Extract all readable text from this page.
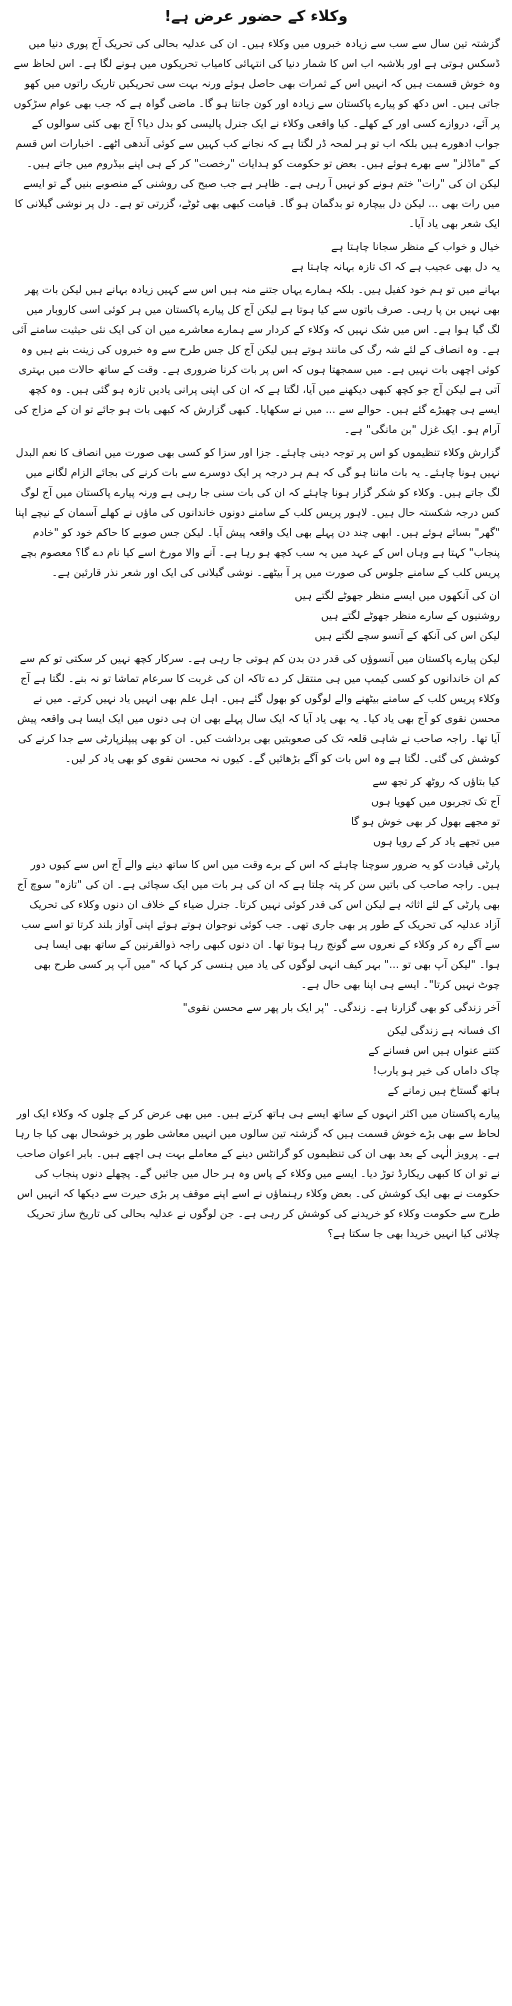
وکلاء کے حضور عرض ہے!

گزشتہ تین سال سے سب سے زیادہ خبروں میں وکلاء ہیں۔ ان کی عدلیہ بحالی کی تحریک آج پوری دنیا میں ڈسکس ہوتی ہے اور بلاشبہ اب اس کا شمار دنیا کی انتہائی کامیاب تحریکوں میں ہونے لگا ہے۔ اس لحاظ سے وہ خوش قسمت ہیں کہ انہیں اس کے ثمرات بھی حاصل ہوئے ورنہ بہت سی تحریکیں تاریک راتوں میں کھو جاتی ہیں۔ اس دکھ کو پیارے پاکستان سے زیادہ اور کون جانتا ہو گا۔ ماضی گواہ ہے کہ جب بھی عوام سڑکوں پر آئے، دروازے کسی اور کے کھلے۔ کیا واقعی وکلاء نے ایک جنرل پالیسی کو بدل دیا؟ آج بھی کئی سوالوں کے جواب ادھورے ہیں بلکہ اب تو ہر لمحہ ڈر لگتا ہے کہ نجانے کب کہیں سے کوئی آندھی اٹھے۔ اخبارات اس قسم کے "ماڈلز" سے بھرے ہوئے ہیں۔ بعض تو حکومت کو ہدایات "رخصت" کر کے ہی اپنے بیڈروم میں جاتے ہیں۔ لیکن ان کی "رات" ختم ہونے کو نہیں آ رہی ہے۔ ظاہر ہے جب صبح کی روشنی کے منصوبے بنیں گے تو ایسے میں رات بھی ... لیکن دل بیچارہ تو بدگمان ہو گا۔ قیامت کبھی بھی ٹوٹے، گزرتی تو ہے۔ دل پر نوشی گیلانی کا ایک شعر بھی یاد آیا۔

خیال و خواب کے منظر سجانا چاہتا ہے
یہ دل بھی عجیب ہے کہ اک تازہ بہانہ چاہتا ہے

بہانے میں تو ہم خود کفیل ہیں۔ بلکہ ہمارے یہاں جتنے منہ ہیں اس سے کہیں زیادہ بہانے ہیں لیکن بات پھر بھی نہیں بن پا رہی۔ صرف باتوں سے کیا ہوتا ہے لیکن آج کل پیارے پاکستان میں ہر کوئی اسی کاروبار میں لگ گیا ہوا ہے۔ اس میں شک نہیں کہ وکلاء کے کردار سے ہمارے معاشرے میں ان کی ایک نئی حیثیت سامنے آئی ہے۔ وہ انصاف کے لئے شہ رگ کی مانند ہوتے ہیں لیکن آج کل جس طرح سے وہ خبروں کی زینت بنے ہیں وہ کوئی اچھی بات نہیں ہے۔ میں سمجھتا ہوں کہ اس پر بات کرنا ضروری ہے۔ وقت کے ساتھ حالات میں بہتری آتی ہے لیکن آج جو کچھ کبھی دیکھنے میں آیا، لگتا ہے کہ ان کی اپنی پرانی یادیں تازہ ہو گئی ہیں۔ وہ کچھ ایسے ہی چھیڑے گئے ہیں۔ حوالے سے ... میں نے سکھایا۔ کبھی گزارش کہ کبھی بات ہو جائے تو ان کے مزاج کی آرام ہو۔ ایک غزل "بن مانگی" ہے۔

گزارش وکلاء تنظیموں کو اس پر توجہ دینی چاہئے۔ جزا اور سزا کو کسی بھی صورت میں انصاف کا نعم البدل نہیں ہونا چاہئے۔ یہ بات ماننا ہو گی کہ ہم ہر درجہ پر ایک دوسرے سے بات کرنے کی بجائے الزام لگانے میں لگ جاتے ہیں۔ وکلاء کو شکر گزار ہونا چاہئے کہ ان کی بات سنی جا رہی ہے ورنہ پیارے پاکستان میں آج لوگ کس درجہ شکستہ حال ہیں۔ لاہور پریس کلب کے سامنے دونوں خاندانوں کی ماؤں نے کھلے آسمان کے نیچے اپنا "گھر" بسائے ہوئے ہیں۔ ابھی چند دن پہلے بھی ایک واقعہ پیش آیا۔ لیکن جس صوبے کا حاکم خود کو "خادم پنجاب" کہتا ہے وہاں اس کے عہد میں یہ سب کچھ ہو رہا ہے۔ آنے والا مورخ اسے کیا نام دے گا؟ معصوم بچے پریس کلب کے سامنے جلوس کی صورت میں پر آ بیٹھے۔ نوشی گیلانی کی ایک اور شعر نذر قارئین ہے۔

ان کی آنکھوں میں ایسے منظر جھوٹے لگتے ہیں
روشنیوں کے سارے منظر جھوٹے لگتے ہیں
لیکن اس کی آنکھ کے آنسو سچے لگتے ہیں

لیکن پیارے پاکستان میں آنسوؤں کی قدر دن بدن کم ہوتی جا رہی ہے۔ سرکار کچھ نہیں کر سکتی تو کم سے کم ان خاندانوں کو کسی کیمپ میں ہی منتقل کر دے تاکہ ان کی غربت کا سرعام تماشا تو نہ بنے۔ لگتا ہے آج وکلاء پریس کلب کے سامنے بیٹھنے والے لوگوں کو بھول گئے ہیں۔ اہل علم بھی انہیں یاد نہیں کرتے۔ میں نے محسن نقوی کو آج بھی یاد کیا۔ یہ بھی یاد آیا کہ ایک سال پہلے بھی ان ہی دنوں میں ایک ایسا ہی واقعہ پیش آیا تھا۔ راجہ صاحب نے شاہی قلعہ تک کی صعوبتیں بھی برداشت کیں۔ ان کو بھی پیپلزپارٹی سے جدا کرنے کی کوشش کی گئی۔ لگتا ہے وہ اس بات کو آگے بڑھائیں گے۔ کیوں نہ محسن نقوی کو بھی یاد کر لیں۔

کیا بتاؤں کہ روٹھ کر تجھ سے
آج تک تجربوں میں کھویا ہوں
تو مجھے بھول کر بھی خوش ہو گا
میں تجھے یاد کر کے رویا ہوں

پارٹی قیادت کو یہ ضرور سوچنا چاہئے کہ اس کے برے وقت میں اس کا ساتھ دینے والے آج اس سے کیوں دور ہیں۔ راجہ صاحب کی باتیں سن کر پتہ چلتا ہے کہ ان کی ہر بات میں ایک سچائی ہے۔ ان کی "تازہ" سوچ آج بھی پارٹی کے لئے اثاثہ ہے لیکن اس کی قدر کوئی نہیں کرتا۔ جنرل ضیاء کے خلاف ان دنوں وکلاء کی تحریک آزاد عدلیہ کی تحریک کے طور پر بھی جاری تھی۔ جب کوئی نوجوان ہوتے ہوئے اپنی آواز بلند کرتا تو اسے سب سے آگے رہ کر وکلاء کے نعروں سے گونج رہا ہوتا تھا۔ ان دنوں کبھی راجہ ذوالقرنین کے ساتھ بھی ایسا ہی ہوا۔ "لیکن آپ بھی تو ..." بہر کیف انہی لوگوں کی یاد میں ہنسی کر کہا کہ "میں آپ پر کسی طرح بھی چوٹ نہیں کرتا"۔ ایسے ہی اپنا بھی حال ہے۔

آخر زندگی کو بھی گزارنا ہے۔ زندگی۔ "پر ایک بار پھر سے محسن نقوی"

اک فسانہ ہے زندگی لیکن
کتنے عنواں ہیں اس فسانے کے
چاک داماں کی خیر ہو یارب!
ہاتھ گستاخ ہیں زمانے کے

پیارے پاکستان میں اکثر انہوں کے ساتھ ایسے ہی ہاتھ کرتے ہیں۔ میں بھی عرض کر کے چلوں کہ وکلاء ایک اور لحاظ سے بھی بڑے خوش قسمت ہیں کہ گزشتہ تین سالوں میں انہیں معاشی طور پر خوشحال بھی کیا جا رہا ہے۔ پرویز الٰہی کے بعد بھی ان کی تنظیموں کو گرانٹس دینے کے معاملے بہت ہی اچھے ہیں۔ بابر اعوان صاحب نے تو ان کا کبھی ریکارڈ توڑ دیا۔ ایسے میں وکلاء کے پاس وہ ہر حال میں جائیں گے۔ پچھلے دنوں پنجاب کی حکومت نے بھی ایک کوشش کی۔ بعض وکلاء رہنماؤں نے اسے اپنے موقف پر بڑی حیرت سے دیکھا کہ انہیں اس طرح سے حکومت وکلاء کو خریدنے کی کوشش کر رہی ہے۔ جن لوگوں نے عدلیہ بحالی کی تاریخ ساز تحریک چلائی کیا انہیں خریدا بھی جا سکتا ہے؟
